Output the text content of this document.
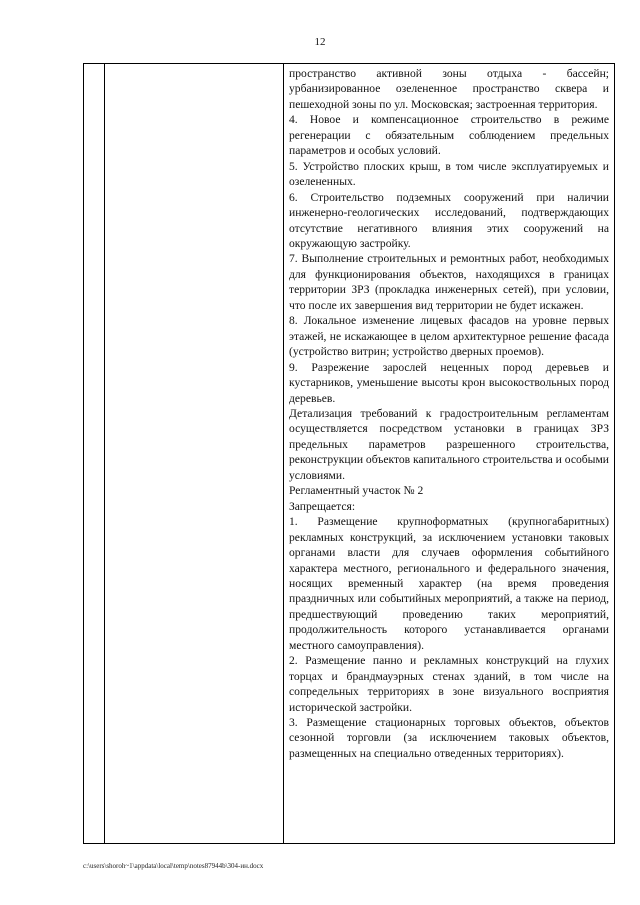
12

пространство активной зоны отдыха - бассейн; урбанизированное озелененное пространство сквера и пешеходной зоны по ул. Московская; застроенная территория.

4. Новое и компенсационное строительство в режиме регенерации с обязательным соблюдением предельных параметров и особых условий.

5. Устройство плоских крыш, в том числе эксплуатируемых и озелененных.

6. Строительство подземных сооружений при наличии инженерно-геологических исследований, подтверждающих отсутствие негативного влияния этих сооружений на окружающую застройку.

7. Выполнение строительных и ремонтных работ, необходимых для функционирования объектов, находящихся в границах территории ЗРЗ (прокладка инженерных сетей), при условии, что после их завершения вид территории не будет искажен.

8. Локальное изменение лицевых фасадов на уровне первых этажей, не искажающее в целом архитектурное решение фасада (устройство витрин; устройство дверных проемов).

9. Разрежение зарослей неценных пород деревьев и кустарников, уменьшение высоты крон высокоствольных пород деревьев.

Детализация требований к градостроительным регламентам осуществляется посредством установки в границах ЗРЗ предельных параметров разрешенного строительства, реконструкции объектов капитального строительства и особыми условиями.

Регламентный участок № 2

Запрещается:

1. Размещение крупноформатных (крупногабаритных) рекламных конструкций, за исключением установки таковых органами власти для случаев оформления событийного характера местного, регионального и федерального значения, носящих временный характер (на время проведения праздничных или событийных мероприятий, а также на период, предшествующий проведению таких мероприятий, продолжительность которого устанавливается органами местного самоуправления).

2. Размещение панно и рекламных конструкций на глухих торцах и брандмауэрных стенах зданий, в том числе на сопредельных территориях в зоне визуального восприятия исторической застройки.

3. Размещение стационарных торговых объектов, объектов сезонной торговли (за исключением таковых объектов, размещенных на специально отведенных территориях).

c:\users\shoroh~1\appdata\local\temp\notes87944b\304-ин.docx
